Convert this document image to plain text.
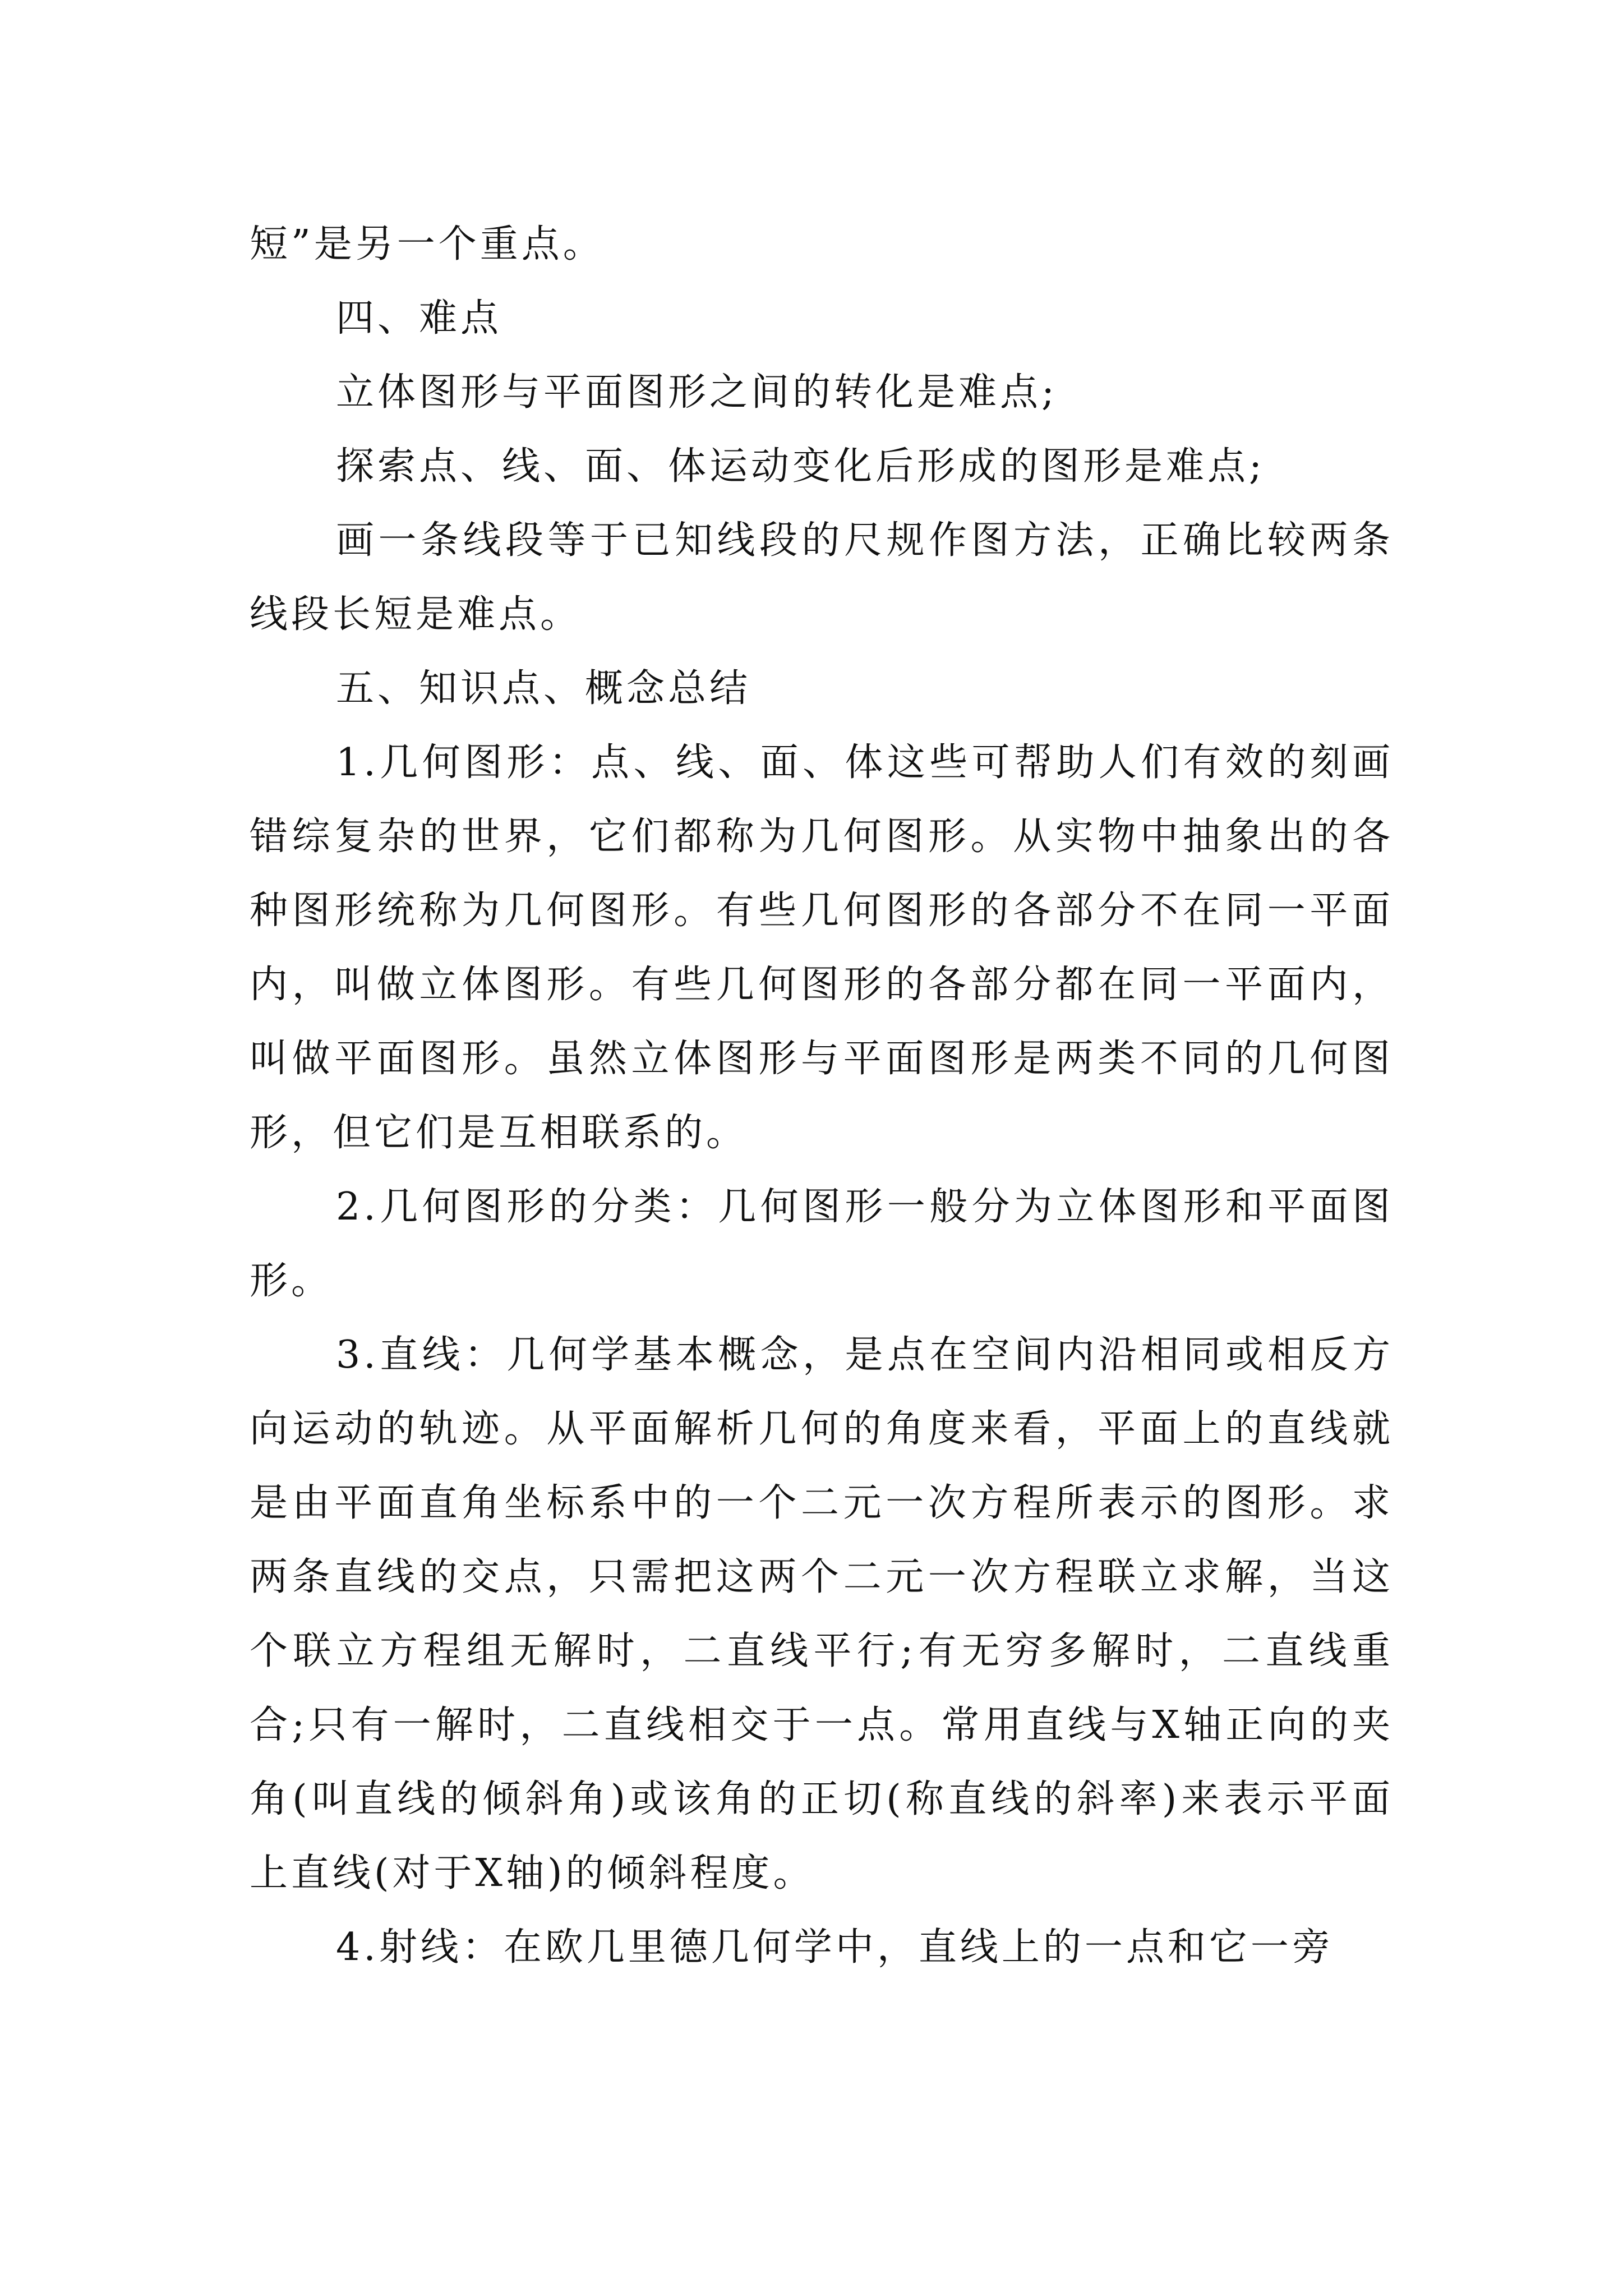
短”是另一个重点。

四、难点

立体图形与平面图形之间的转化是难点;

探索点、线、面、体运动变化后形成的图形是难点;

画一条线段等于已知线段的尺规作图方法，正确比较两条线段长短是难点。

五、知识点、概念总结

1.几何图形：点、线、面、体这些可帮助人们有效的刻画错综复杂的世界，它们都称为几何图形。从实物中抽象出的各种图形统称为几何图形。有些几何图形的各部分不在同一平面内，叫做立体图形。有些几何图形的各部分都在同一平面内，叫做平面图形。虽然立体图形与平面图形是两类不同的几何图形，但它们是互相联系的。

2.几何图形的分类：几何图形一般分为立体图形和平面图形。

3.直线：几何学基本概念，是点在空间内沿相同或相反方向运动的轨迹。从平面解析几何的角度来看，平面上的直线就是由平面直角坐标系中的一个二元一次方程所表示的图形。求两条直线的交点，只需把这两个二元一次方程联立求解，当这个联立方程组无解时，二直线平行;有无穷多解时，二直线重合;只有一解时，二直线相交于一点。常用直线与X轴正向的夹角(叫直线的倾斜角)或该角的正切(称直线的斜率)来表示平面上直线(对于X轴)的倾斜程度。

4.射线：在欧几里德几何学中，直线上的一点和它一旁
